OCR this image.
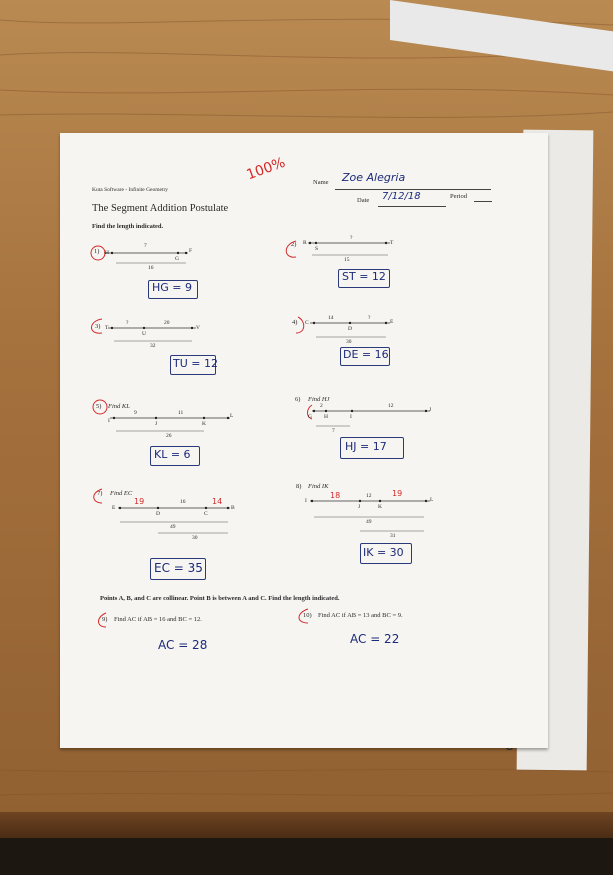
Kuta Software - Infinite Geometry
The Segment Addition Postulate
100%	Name Zoe Alegria
Date 7/12/18	Period
Find the length indicated.
1) H
G
F
7
16
HG = 9
2) R
S
T
?
15
ST = 12
3) T
U
V
?	20
32
TU = 12
4) C
D
E
14	?
30
DE = 16
5) Find KL
I	J	K
L
9	11
26
KL = 6
6) Find HJ
G H	I
J
2	12
7
HJ = 17
7) Find EC
E
D	C
B
16
49
30
19	14
EC = 35
8) Find IK
I
J	K
L
12
49
31
18	19
IK = 30
Points A, B, and C are collinear. Point B is between A and C. Find the length indicated.
9) Find AC if AB = 16 and BC = 12.
AC = 28
10) Find AC if AB = 13 and BC = 9.
AC = 22
